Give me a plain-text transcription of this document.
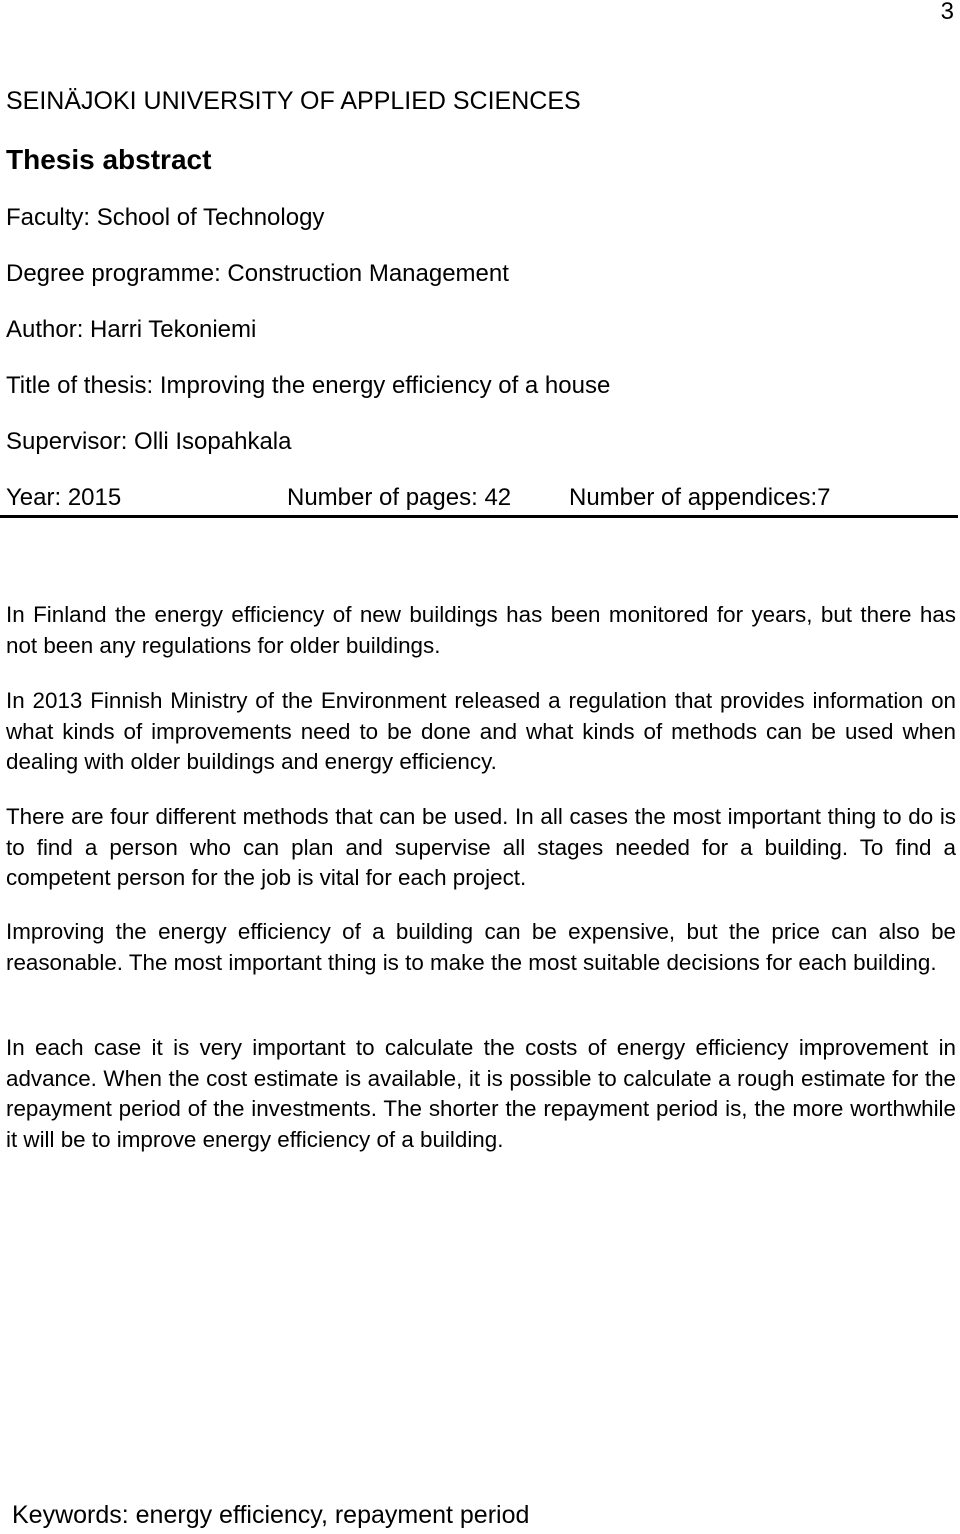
3
SEINÄJOKI UNIVERSITY OF APPLIED SCIENCES
Thesis abstract
Faculty: School of Technology
Degree programme: Construction Management
Author: Harri Tekoniemi
Title of thesis: Improving the energy efficiency of a house
Supervisor: Olli Isopahkala
Year: 2015	Number of pages: 42 Number of appendices:7

In Finland the energy efficiency of new buildings has been monitored for years, but there has not been any regulations for older buildings.

In 2013 Finnish Ministry of the Environment released a regulation that provides information on what kinds of improvements need to be done and what kinds of methods can be used when dealing with older buildings and energy efficiency.

There are four different methods that can be used. In all cases the most important thing to do is to find a person who can plan and supervise all stages needed for a building. To find a competent person for the job is vital for each project.

Improving the energy efficiency of a building can be expensive, but the price can also be reasonable. The most important thing is to make the most suitable decisions for each building.

In each case it is very important to calculate the costs of energy efficiency improvement in advance. When the cost estimate is available, it is possible to calculate a rough estimate for the repayment period of the investments. The shorter the repayment period is, the more worthwhile it will be to improve energy efficiency of a building.

Keywords: energy efficiency, repayment period
